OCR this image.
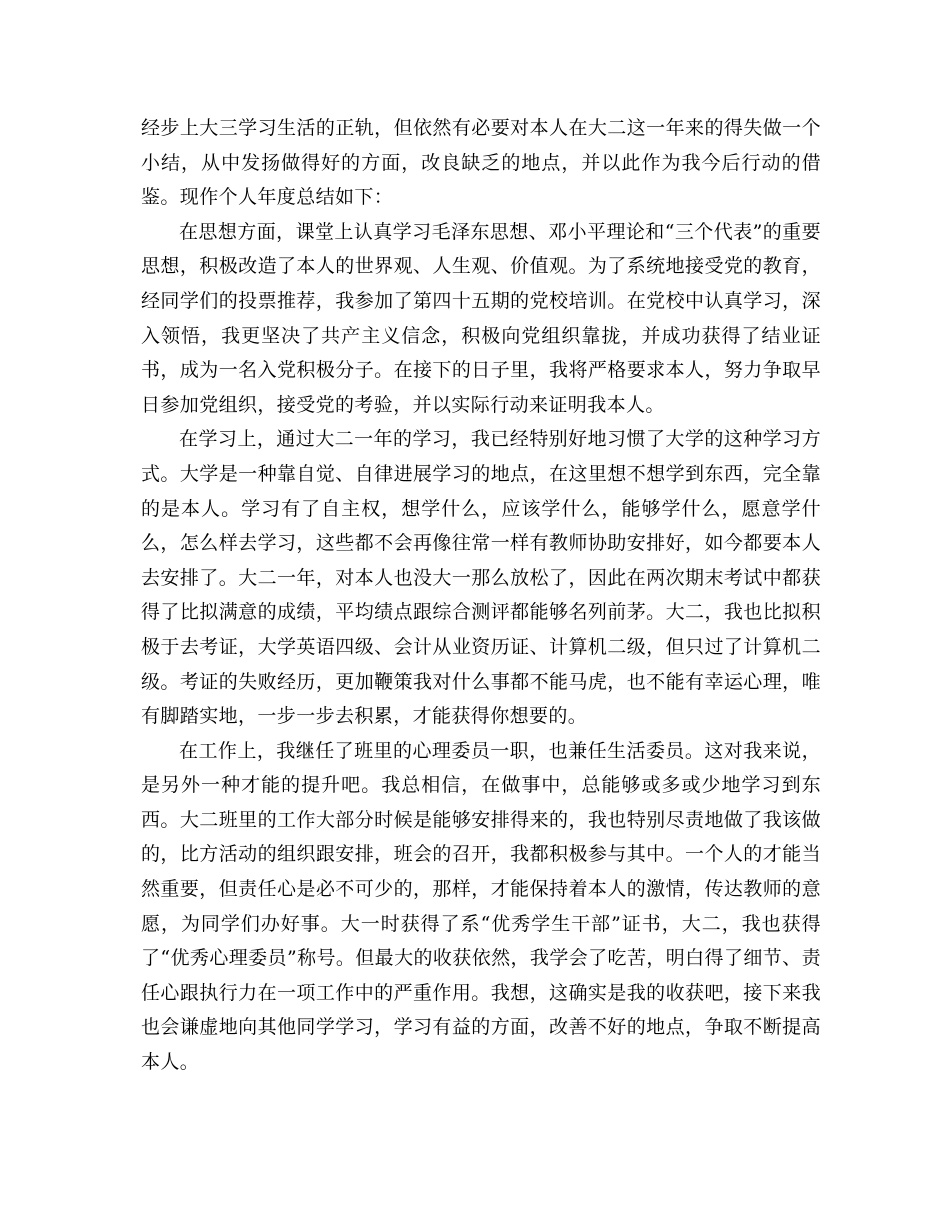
经步上大三学习生活的正轨，但依然有必要对本人在大二这一年来的得失做一个小结，从中发扬做得好的方面，改良缺乏的地点，并以此作为我今后行动的借鉴。现作个人年度总结如下：

在思想方面，课堂上认真学习毛泽东思想、邓小平理论和“三个代表”的重要思想，积极改造了本人的世界观、人生观、价值观。为了系统地接受党的教育，经同学们的投票推荐，我参加了第四十五期的党校培训。在党校中认真学习，深入领悟，我更坚决了共产主义信念，积极向党组织靠拢，并成功获得了结业证书，成为一名入党积极分子。在接下的日子里，我将严格要求本人，努力争取早日参加党组织，接受党的考验，并以实际行动来证明我本人。

在学习上，通过大二一年的学习，我已经特别好地习惯了大学的这种学习方式。大学是一种靠自觉、自律进展学习的地点，在这里想不想学到东西，完全靠的是本人。学习有了自主权，想学什么，应该学什么，能够学什么，愿意学什么，怎么样去学习，这些都不会再像往常一样有教师协助安排好，如今都要本人去安排了。大二一年，对本人也没大一那么放松了，因此在两次期末考试中都获得了比拟满意的成绩，平均绩点跟综合测评都能够名列前茅。大二，我也比拟积极于去考证，大学英语四级、会计从业资历证、计算机二级，但只过了计算机二级。考证的失败经历，更加鞭策我对什么事都不能马虎，也不能有幸运心理，唯有脚踏实地，一步一步去积累，才能获得你想要的。

在工作上，我继任了班里的心理委员一职，也兼任生活委员。这对我来说，是另外一种才能的提升吧。我总相信，在做事中，总能够或多或少地学习到东西。大二班里的工作大部分时候是能够安排得来的，我也特别尽责地做了我该做的，比方活动的组织跟安排，班会的召开，我都积极参与其中。一个人的才能当然重要，但责任心是必不可少的，那样，才能保持着本人的激情，传达教师的意愿，为同学们办好事。大一时获得了系“优秀学生干部”证书，大二，我也获得了“优秀心理委员”称号。但最大的收获依然，我学会了吃苦，明白得了细节、责任心跟执行力在一项工作中的严重作用。我想，这确实是我的收获吧，接下来我也会谦虚地向其他同学学习，学习有益的方面，改善不好的地点，争取不断提高本人。
